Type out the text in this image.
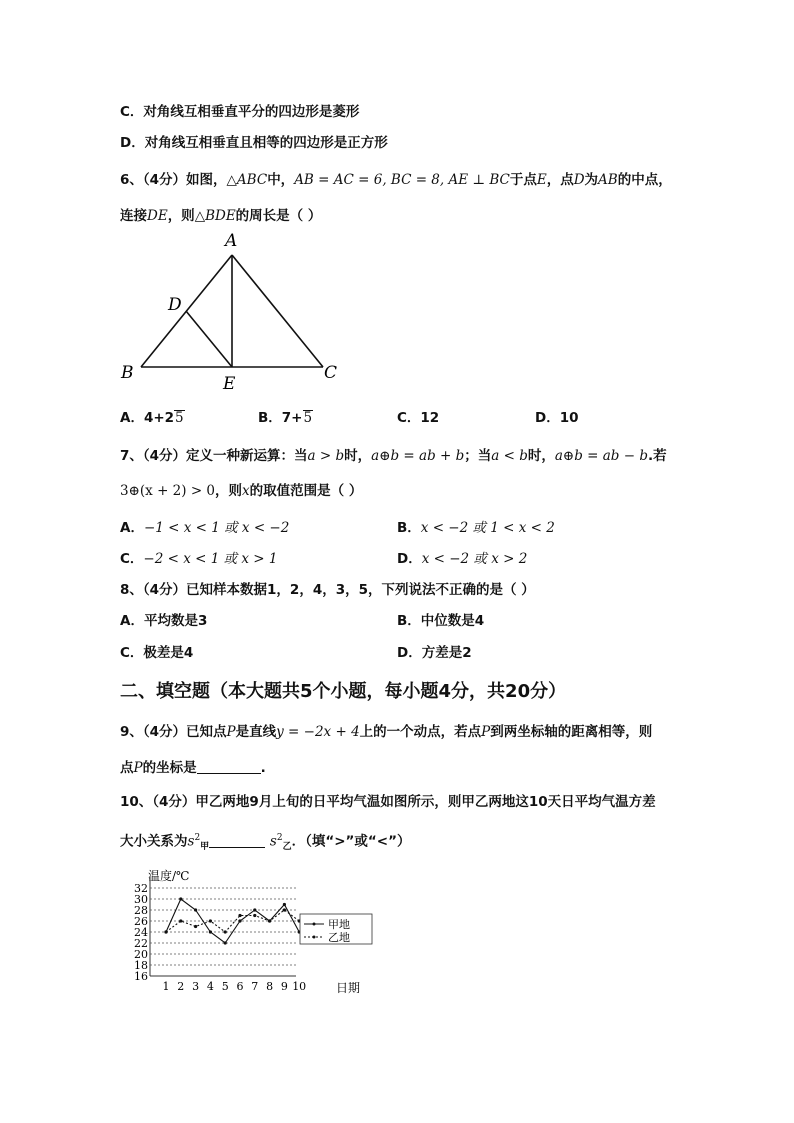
C．对角线互相垂直平分的四边形是菱形
D．对角线互相垂直且相等的四边形是正方形
6、（4分）如图，△ABC中，AB = AC = 6, BC = 8, AE ⊥ BC于点E，点D为AB的中点，
连接DE，则△BDE的周长是（ ）
A
B	C
D
E
A．4+25	B．7+5	C．12	D．10
7、（4分）定义一种新运算：当a > b时，a⊕b = ab + b；当a < b时，a⊕b = ab − b.若
3⊕(x + 2) > 0，则x的取值范围是（ ）
A．−1 < x < 1 或 x < −2	B．x < −2 或 1 < x < 2
C．−2 < x < 1 或 x > 1	D．x < −2 或 x > 2
8、（4分）已知样本数据1，2，4，3，5，下列说法不正确的是（ ）
A．平均数是3	B．中位数是4
C．极差是4	D．方差是2
二、填空题（本大题共5个小题，每小题4分，共20分）
9、（4分）已知点P是直线y = −2x + 4上的一个动点，若点P到两坐标轴的距离相等，则
点P的坐标是	.
10、（4分）甲乙两地9月上旬的日平均气温如图所示，则甲乙两地这10天日平均气温方差
大小关系为$s^2_甲$	$s^2_乙$．（填“>”或“<”）
温度/℃
日期
16
18
20
22
24
26
28
30
32
1 2 3 4 5 6 7 8 9 10
甲地
乙地
